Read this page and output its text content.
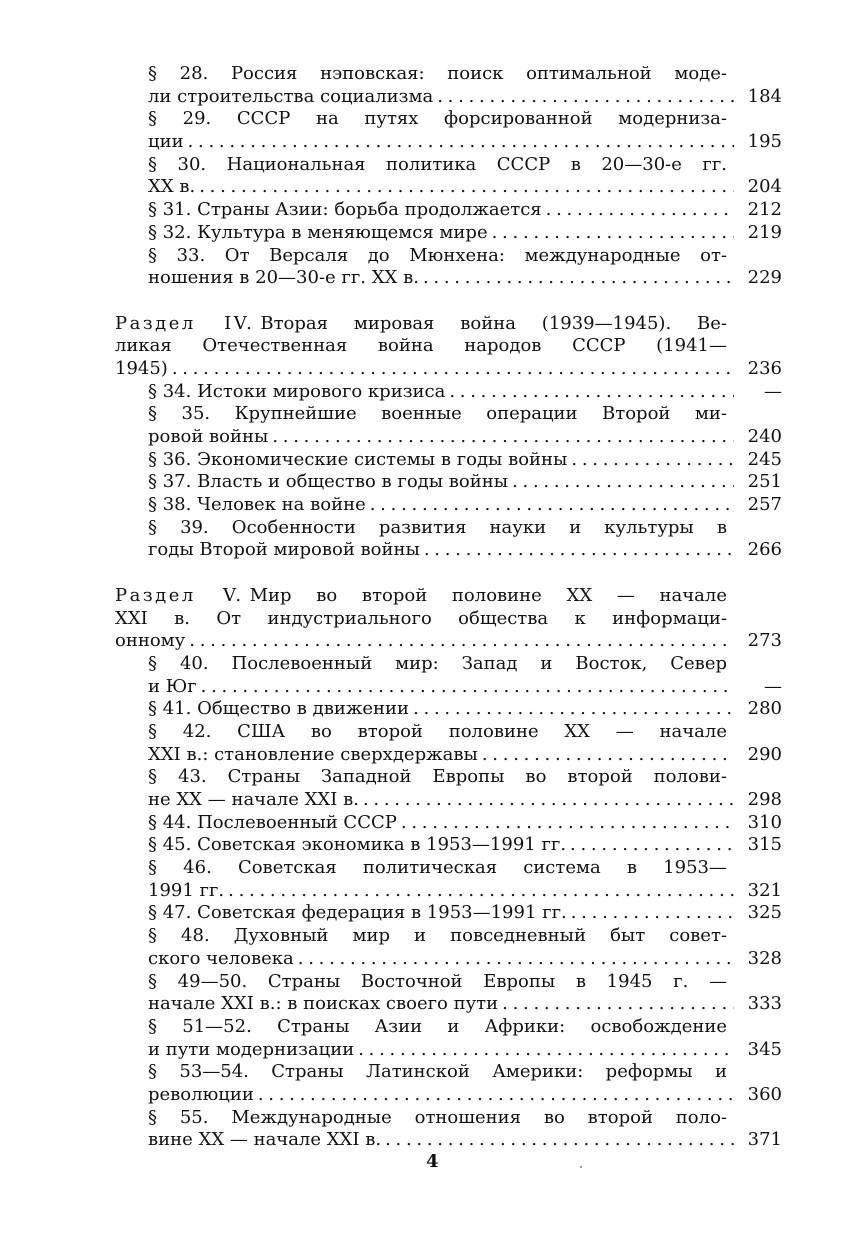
§ 28. Россия нэповская: поиск оптимальной моде-
ли строительства социализма . . .	184
§ 29. СССР на путях форсированной модерниза-
ции . . .	195
§ 30. Национальная политика СССР в 20—30-е гг.
XX в. . . .	204
§ 31. Страны Азии: борьба продолжается . . .	212
§ 32. Культура в меняющемся мире . . .	219
§ 33. От Версаля до Мюнхена: международные от-
ношения в 20—30-е гг. XX в. . . .	229
Раздел IV. Вторая мировая война (1939—1945). Ве-
ликая Отечественная война народов СССР (1941—
1945) . . .	236
§ 34. Истоки мирового кризиса . . .	—
§ 35. Крупнейшие военные операции Второй ми-
ровой войны . . .	240
§ 36. Экономические системы в годы войны . . .	245
§ 37. Власть и общество в годы войны . . .	251
§ 38. Человек на войне . . .	257
§ 39. Особенности развития науки и культуры в
годы Второй мировой войны . . .	266
Раздел V. Мир во второй половине XX — начале
XXI в. От индустриального общества к информаци-
онному . . .	273
§ 40. Послевоенный мир: Запад и Восток, Север
и Юг . . .	—
§ 41. Общество в движении . . .	280
§ 42. США во второй половине XX — начале
XXI в.: становление сверхдержавы . . .	290
§ 43. Страны Западной Европы во второй полови-
не XX — начале XXI в. . . .	298
§ 44. Послевоенный СССР . . .	310
§ 45. Советская экономика в 1953—1991 гг. . . .	315
§ 46. Советская политическая система в 1953—
1991 гг. . . .	321
§ 47. Советская федерация в 1953—1991 гг. . . .	325
§ 48. Духовный мир и повседневный быт совет-
ского человека . . .	328
§ 49—50. Страны Восточной Европы в 1945 г. —
начале XXI в.: в поисках своего пути . . .	333
§ 51—52. Страны Азии и Африки: освобождение
и пути модернизации . . .	345
§ 53—54. Страны Латинской Америки: реформы и
революции . . .	360
§ 55. Международные отношения во второй поло-
вине XX — начале XXI в. . . .	371
4
